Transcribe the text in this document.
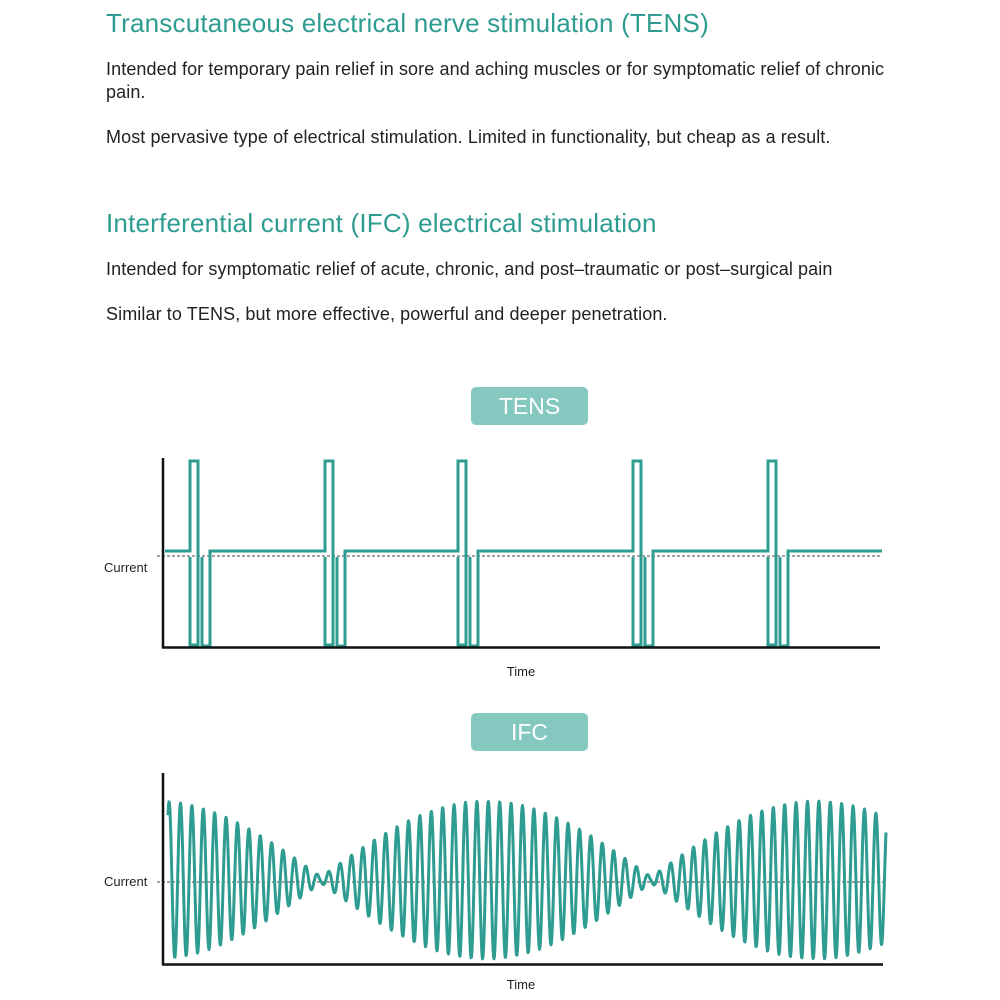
Transcutaneous electrical nerve stimulation (TENS)

Intended for temporary pain relief in sore and aching muscles or for symptomatic relief of chronic pain.

Most pervasive type of electrical stimulation. Limited in functionality, but cheap as a result.

Interferential current (IFC) electrical stimulation

Intended for symptomatic relief of acute, chronic, and post–traumatic or post–surgical pain

Similar to TENS, but more effective, powerful and deeper penetration.

TENS
Current
Time
IFC
Current
Time
